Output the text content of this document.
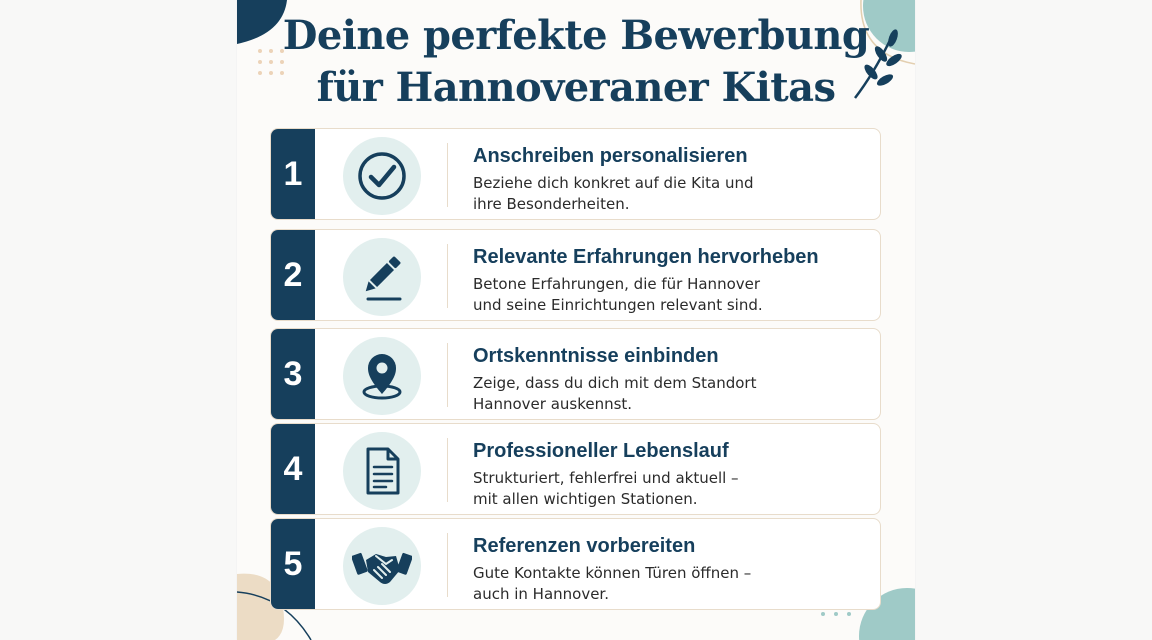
Deine perfekte Bewerbung
für Hannoveraner Kitas
1	Anschreiben personalisieren
Beziehe dich konkret auf die Kita und
ihre Besonderheiten.
2	Relevante Erfahrungen hervorheben
Betone Erfahrungen, die für Hannover
und seine Einrichtungen relevant sind.
3	Ortskenntnisse einbinden
Zeige, dass du dich mit dem Standort
Hannover auskennst.
4	Professioneller Lebenslauf
Strukturiert, fehlerfrei und aktuell –
mit allen wichtigen Stationen.
5	Referenzen vorbereiten
Gute Kontakte können Türen öffnen –
auch in Hannover.
